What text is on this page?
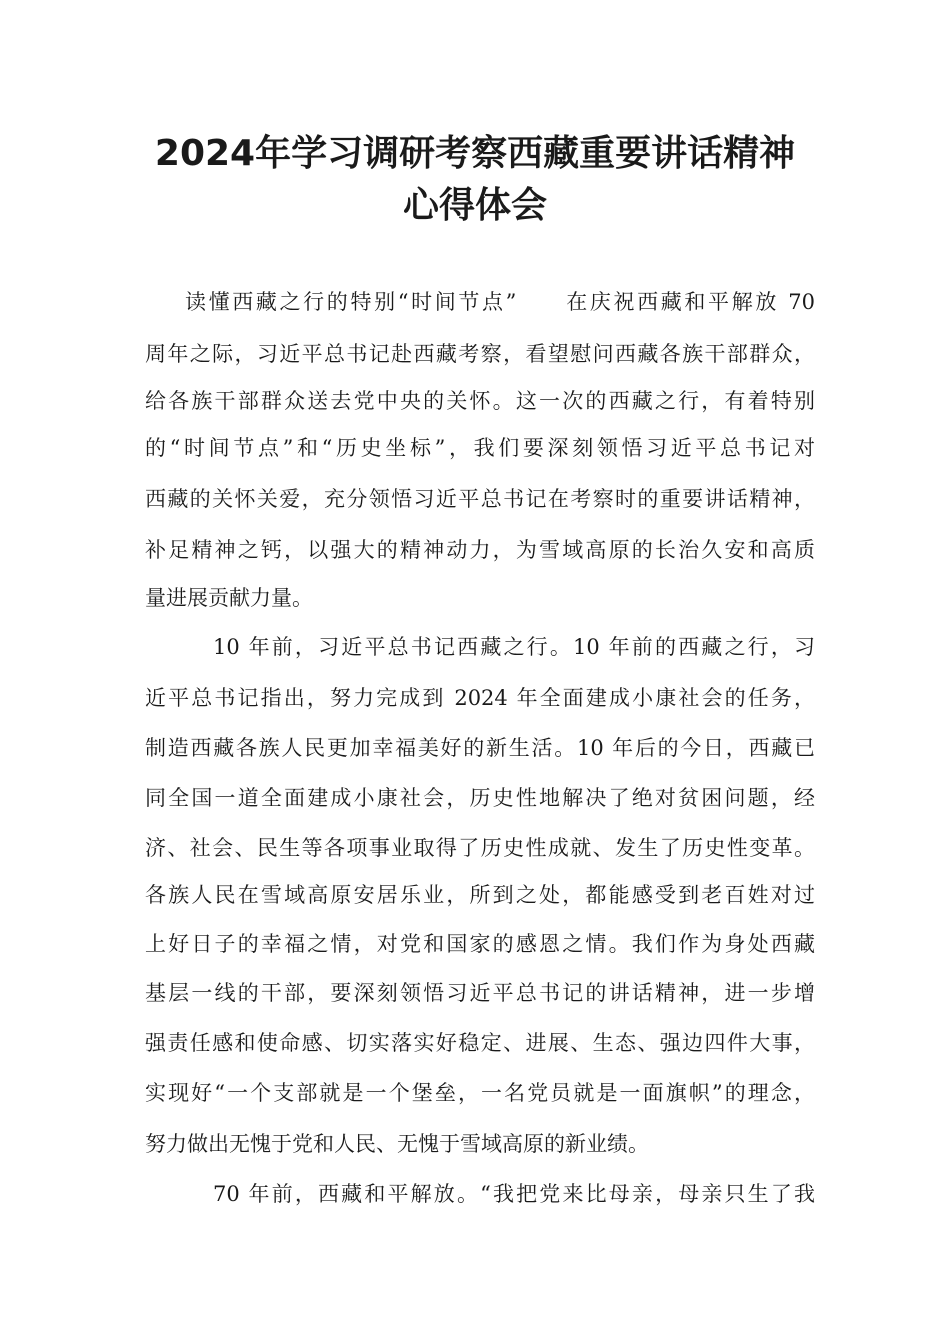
2024年学习调研考察西藏重要讲话精神
心得体会

读懂西藏之行的特别“时间节点”　　在庆祝西藏和平解放 70

周年之际，习近平总书记赴西藏考察，看望慰问西藏各族干部群众，

给各族干部群众送去党中央的关怀。这一次的西藏之行，有着特别

的“时间节点”和“历史坐标”，我们要深刻领悟习近平总书记对

西藏的关怀关爱，充分领悟习近平总书记在考察时的重要讲话精神，

补足精神之钙，以强大的精神动力，为雪域高原的长治久安和高质

量进展贡献力量。

10 年前，习近平总书记西藏之行。10 年前的西藏之行，习

近平总书记指出，努力完成到 2024 年全面建成小康社会的任务，

制造西藏各族人民更加幸福美好的新生活。10 年后的今日，西藏已

同全国一道全面建成小康社会，历史性地解决了绝对贫困问题，经

济、社会、民生等各项事业取得了历史性成就、发生了历史性变革。

各族人民在雪域高原安居乐业，所到之处，都能感受到老百姓对过

上好日子的幸福之情，对党和国家的感恩之情。我们作为身处西藏

基层一线的干部，要深刻领悟习近平总书记的讲话精神，进一步增

强责任感和使命感、切实落实好稳定、进展、生态、强边四件大事，

实现好“一个支部就是一个堡垒，一名党员就是一面旗帜”的理念，

努力做出无愧于党和人民、无愧于雪域高原的新业绩。

70 年前，西藏和平解放。“我把党来比母亲，母亲只生了我
